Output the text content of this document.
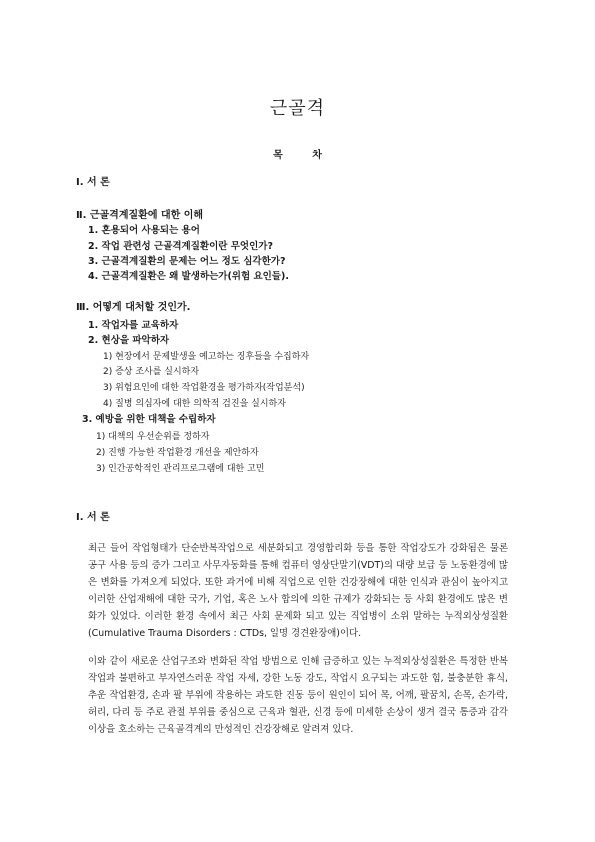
근골격
목 차
Ⅰ. 서 론
Ⅱ. 근골격계질환에 대한 이해
1. 혼용되어 사용되는 용어
2. 작업 관련성 근골격계질환이란 무엇인가?
3. 근골격계질환의 문제는 어느 정도 심각한가?
4. 근골격계질환은 왜 발생하는가(위험 요인들).
Ⅲ. 어떻게 대처할 것인가.
1. 작업자를 교육하자
2. 현상을 파악하자
1) 현장에서 문제발생을 예고하는 징후들을 수집하자
2) 증상 조사를 실시하자
3) 위험요인에 대한 작업환경을 평가하자(작업분석)
4) 질병 의심자에 대한 의학적 검진을 실시하자
3. 예방을 위한 대책을 수립하자
1) 대책의 우선순위를 정하자
2) 진행 가능한 작업환경 개선을 제안하자
3) 인간공학적인 관리프로그램에 대한 고민
Ⅰ. 서 론

최근 들어 작업형태가 단순반복작업으로 세분화되고 경영합리화 등을 통한 작업강도가 강화됨은 물론 공구 사용 등의 증가 그리고 사무자동화를 통해 컴퓨터 영상단말기(VDT)의 대량 보급 등 노동환경에 많은 변화를 가져오게 되었다. 또한 과거에 비해 직업으로 인한 건강장해에 대한 인식과 관심이 높아지고 이러한 산업재해에 대한 국가, 기업, 혹은 노사 합의에 의한 규제가 강화되는 등 사회 환경에도 많은 변화가 있었다. 이러한 환경 속에서 최근 사회 문제화 되고 있는 직업병이 소위 말하는 누적외상성질환(Cumulative Trauma Disorders : CTDs, 일명 경견완장애)이다.

이와 같이 새로운 산업구조와 변화된 작업 방법으로 인해 급증하고 있는 누적외상성질환은 특정한 반복 작업과 불편하고 부자연스러운 작업 자세, 강한 노동 강도, 작업시 요구되는 과도한 힘, 불충분한 휴식, 추운 작업환경, 손과 팔 부위에 작용하는 과도한 진동 등이 원인이 되어 목, 어깨, 팔꿈치, 손목, 손가락, 허리, 다리 등 주로 관절 부위를 중심으로 근육과 혈관, 신경 등에 미세한 손상이 생겨 결국 통증과 감각이상을 호소하는 근육골격계의 만성적인 건강장해로 알려져 있다.
